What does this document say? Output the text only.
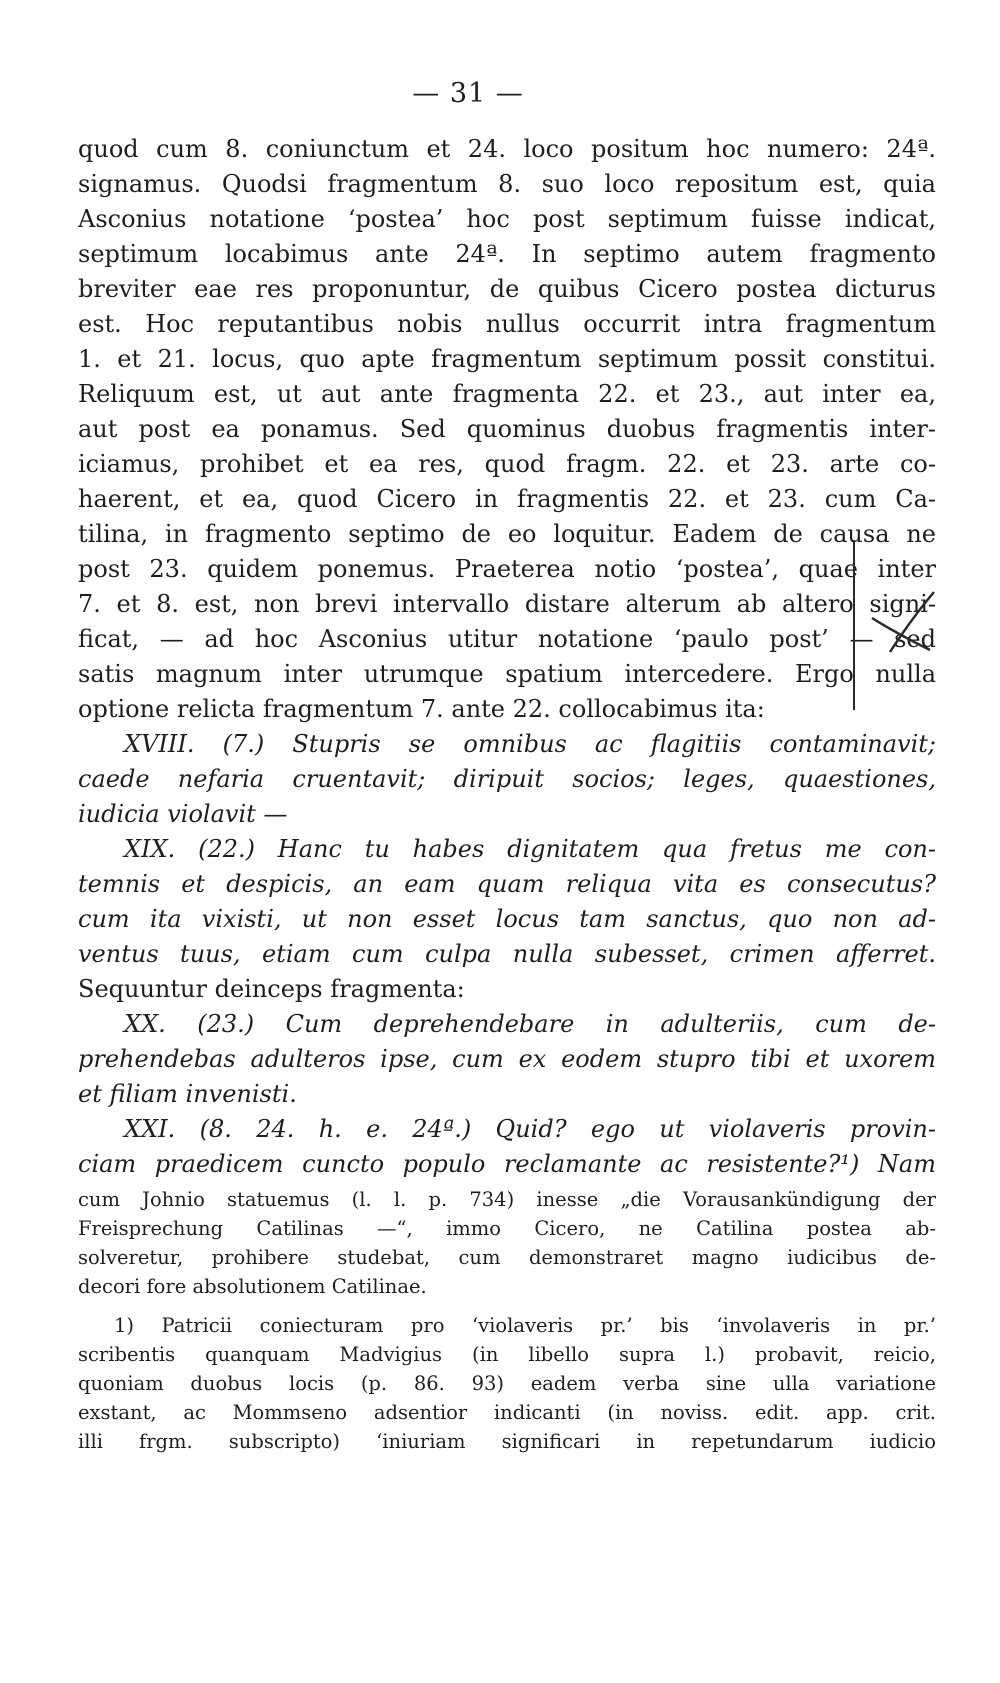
— 31 —
quod cum 8. coniunctum et 24. loco positum hoc numero: 24ª.
signamus. Quodsi fragmentum 8. suo loco repositum est, quia
Asconius notatione ʻpostea’ hoc post septimum fuisse indicat,
septimum locabimus ante 24ª. In septimo autem fragmento
breviter eae res proponuntur, de quibus Cicero postea dicturus
est. Hoc reputantibus nobis nullus occurrit intra fragmentum
1. et 21. locus, quo apte fragmentum septimum possit constitui.
Reliquum est, ut aut ante fragmenta 22. et 23., aut inter ea,
aut post ea ponamus. Sed quominus duobus fragmentis inter-
iciamus, prohibet et ea res, quod fragm. 22. et 23. arte co-
haerent, et ea, quod Cicero in fragmentis 22. et 23. cum Ca-
tilina, in fragmento septimo de eo loquitur. Eadem de causa ne
post 23. quidem ponemus. Praeterea notio ʻpostea’, quae inter
7. et 8. est, non brevi intervallo distare alterum ab altero signi-
ficat, — ad hoc Asconius utitur notatione ʻpaulo post’ — sed
satis magnum inter utrumque spatium intercedere. Ergo nulla
optione relicta fragmentum 7. ante 22. collocabimus ita:
XVIII. (7.) Stupris se omnibus ac flagitiis contaminavit;
caede nefaria cruentavit; diripuit socios; leges, quaestiones,
iudicia violavit —
XIX. (22.) Hanc tu habes dignitatem qua fretus me con-
temnis et despicis, an eam quam reliqua vita es consecutus?
cum ita vixisti, ut non esset locus tam sanctus, quo non ad-
ventus tuus, etiam cum culpa nulla subesset, crimen afferret.
Sequuntur deinceps fragmenta:
XX. (23.) Cum deprehendebare in adulteriis, cum de-
prehendebas adulteros ipse, cum ex eodem stupro tibi et uxorem
et filiam invenisti.
XXI. (8. 24. h. e. 24ª.) Quid? ego ut violaveris provin-
ciam praedicem cuncto populo reclamante ac resistente?¹) Nam
cum Johnio statuemus (l. l. p. 734) inesse „die Vorausankündigung der
Freisprechung Catilinas —“, immo Cicero, ne Catilina postea ab-
solveretur, prohibere studebat, cum demonstraret magno iudicibus de-
decori fore absolutionem Catilinae.
1) Patricii coniecturam pro ʻviolaveris pr.’ bis ʻinvolaveris in pr.’
scribentis quanquam Madvigius (in libello supra l.) probavit, reicio,
quoniam duobus locis (p. 86. 93) eadem verba sine ulla variatione
exstant, ac Mommseno adsentior indicanti (in noviss. edit. app. crit.
illi frgm. subscripto) ʻiniuriam significari in repetundarum iudicio
